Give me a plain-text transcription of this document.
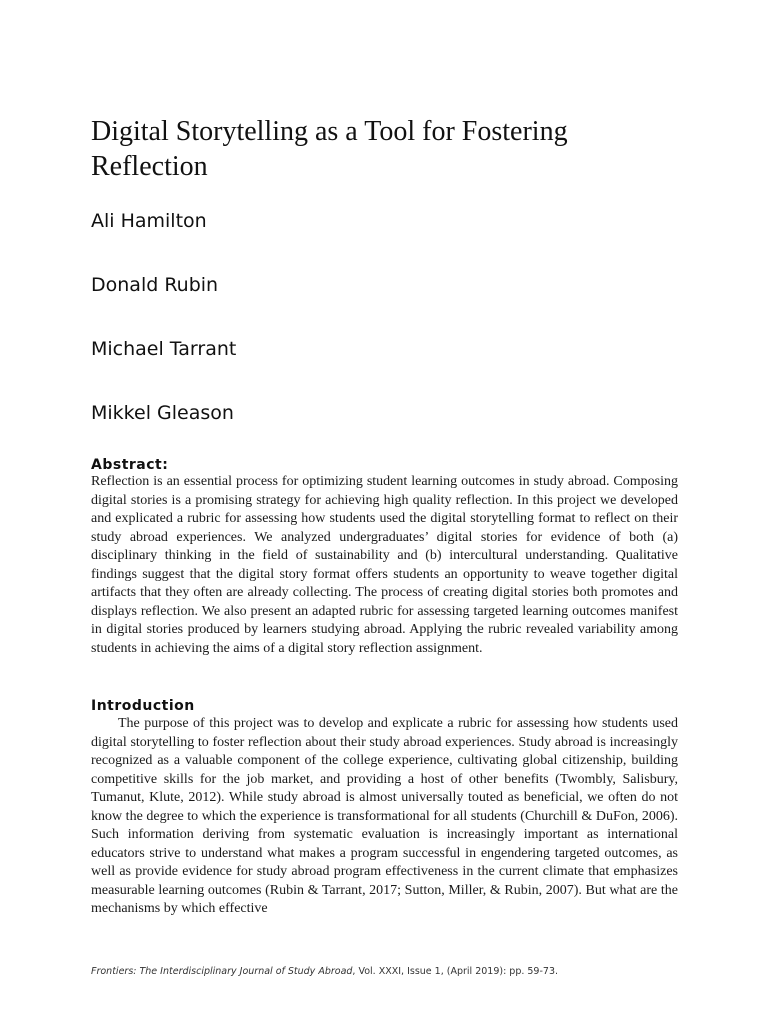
Digital Storytelling as a Tool for Fostering Reflection

Ali Hamilton

Donald Rubin

Michael Tarrant

Mikkel Gleason

Abstract:

Reflection is an essential process for optimizing student learning outcomes in study abroad. Composing digital stories is a promising strategy for achieving high quality reflection. In this project we developed and explicated a rubric for assessing how students used the digital storytelling format to reflect on their study abroad experiences. We analyzed undergraduates’ digital stories for evidence of both (a) disciplinary thinking in the field of sustainability and (b) intercultural understanding. Qualitative findings suggest that the digital story format offers students an opportunity to weave together digital artifacts that they often are already collecting. The process of creating digital stories both promotes and displays reflection. We also present an adapted rubric for assessing targeted learning outcomes manifest in digital stories produced by learners studying abroad. Applying the rubric revealed variability among students in achieving the aims of a digital story reflection assignment.

Introduction

The purpose of this project was to develop and explicate a rubric for assessing how students used digital storytelling to foster reflection about their study abroad experiences. Study abroad is increasingly recognized as a valuable component of the college experience, cultivating global citizenship, building competitive skills for the job market, and providing a host of other benefits (Twombly, Salisbury, Tumanut, Klute, 2012). While study abroad is almost universally touted as beneficial, we often do not know the degree to which the experience is transformational for all students (Churchill & DuFon, 2006). Such information deriving from systematic evaluation is increasingly important as international educators strive to understand what makes a program successful in engendering targeted outcomes, as well as provide evidence for study abroad program effectiveness in the current climate that emphasizes measurable learning outcomes (Rubin & Tarrant, 2017; Sutton, Miller, & Rubin, 2007). But what are the mechanisms by which effective

Frontiers: The Interdisciplinary Journal of Study Abroad, Vol. XXXI, Issue 1, (April 2019): pp. 59-73.
